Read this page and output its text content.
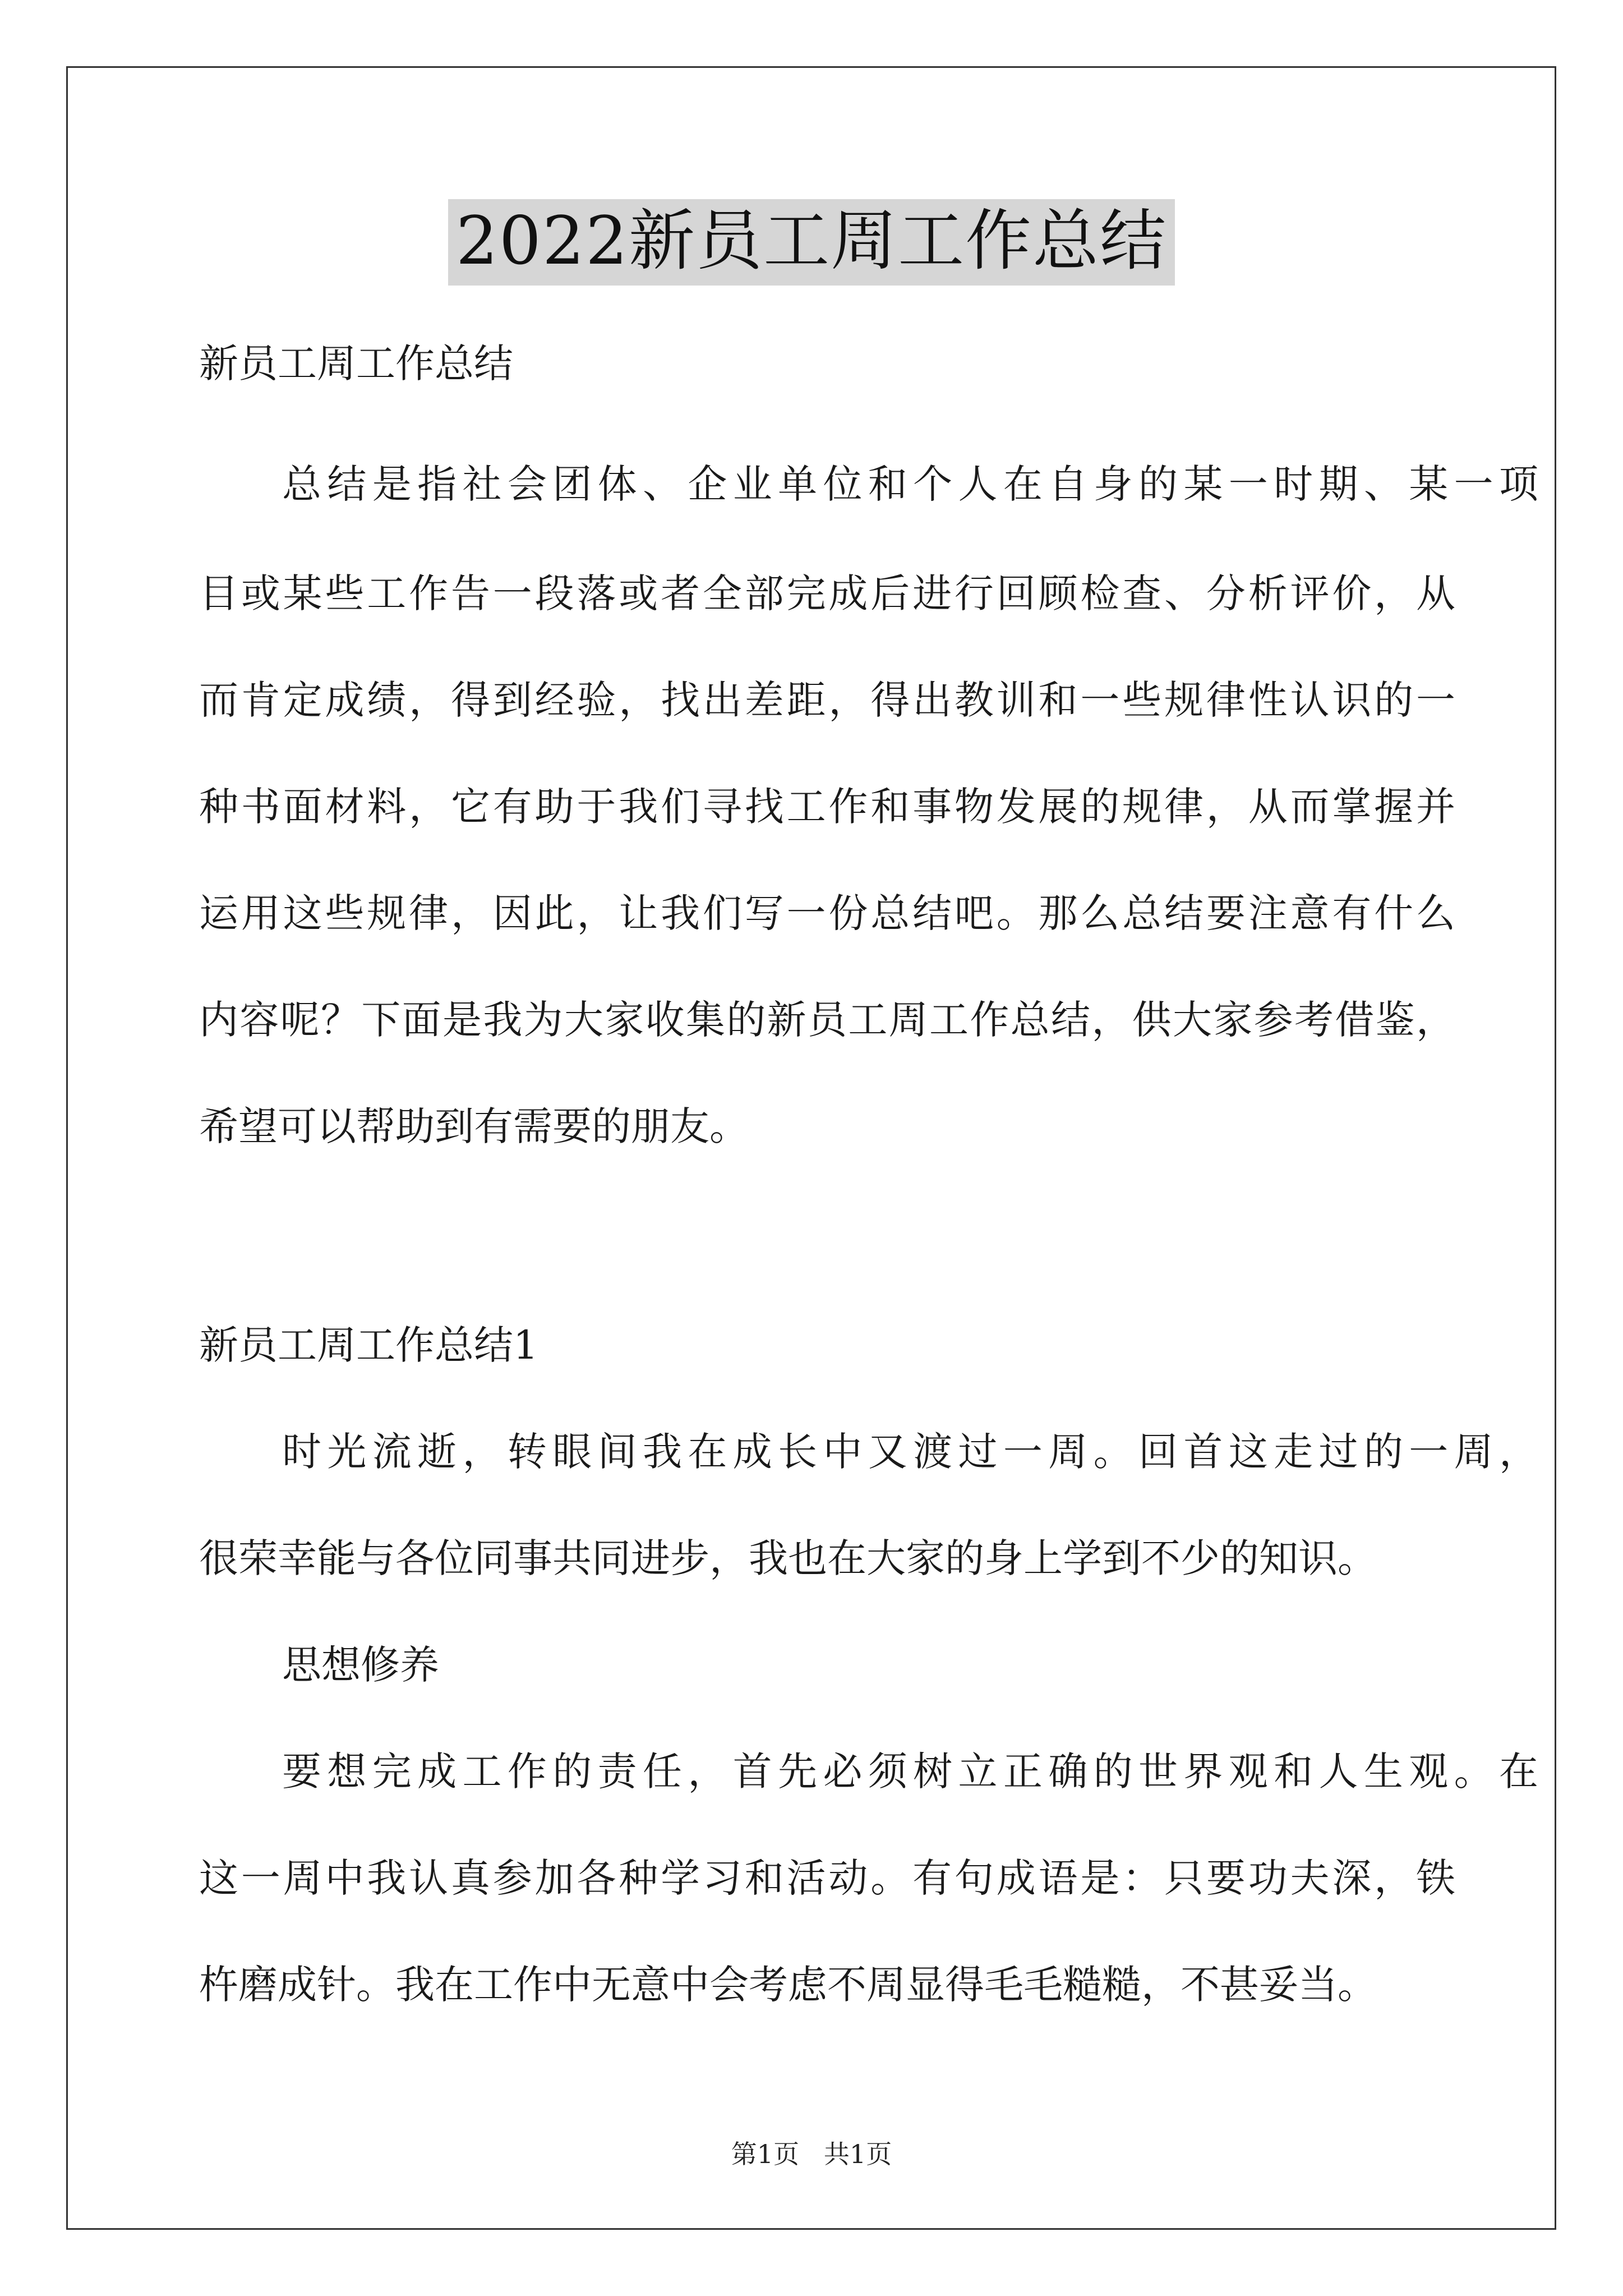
2022新员工周工作总结
新员工周工作总结
总结是指社会团体、企业单位和个人在自身的某一时期、某一项
目或某些工作告一段落或者全部完成后进行回顾检查、分析评价，从
而肯定成绩，得到经验，找出差距，得出教训和一些规律性认识的一
种书面材料，它有助于我们寻找工作和事物发展的规律，从而掌握并
运用这些规律，因此，让我们写一份总结吧。那么总结要注意有什么
内容呢？下面是我为大家收集的新员工周工作总结，供大家参考借鉴，
希望可以帮助到有需要的朋友。
新员工周工作总结1
时光流逝，转眼间我在成长中又渡过一周。回首这走过的一周，
很荣幸能与各位同事共同进步，我也在大家的身上学到不少的知识。
思想修养
要想完成工作的责任，首先必须树立正确的世界观和人生观。在
这一周中我认真参加各种学习和活动。有句成语是：只要功夫深，铁
杵磨成针。我在工作中无意中会考虑不周显得毛毛糙糙，不甚妥当。
第1页   共1页
